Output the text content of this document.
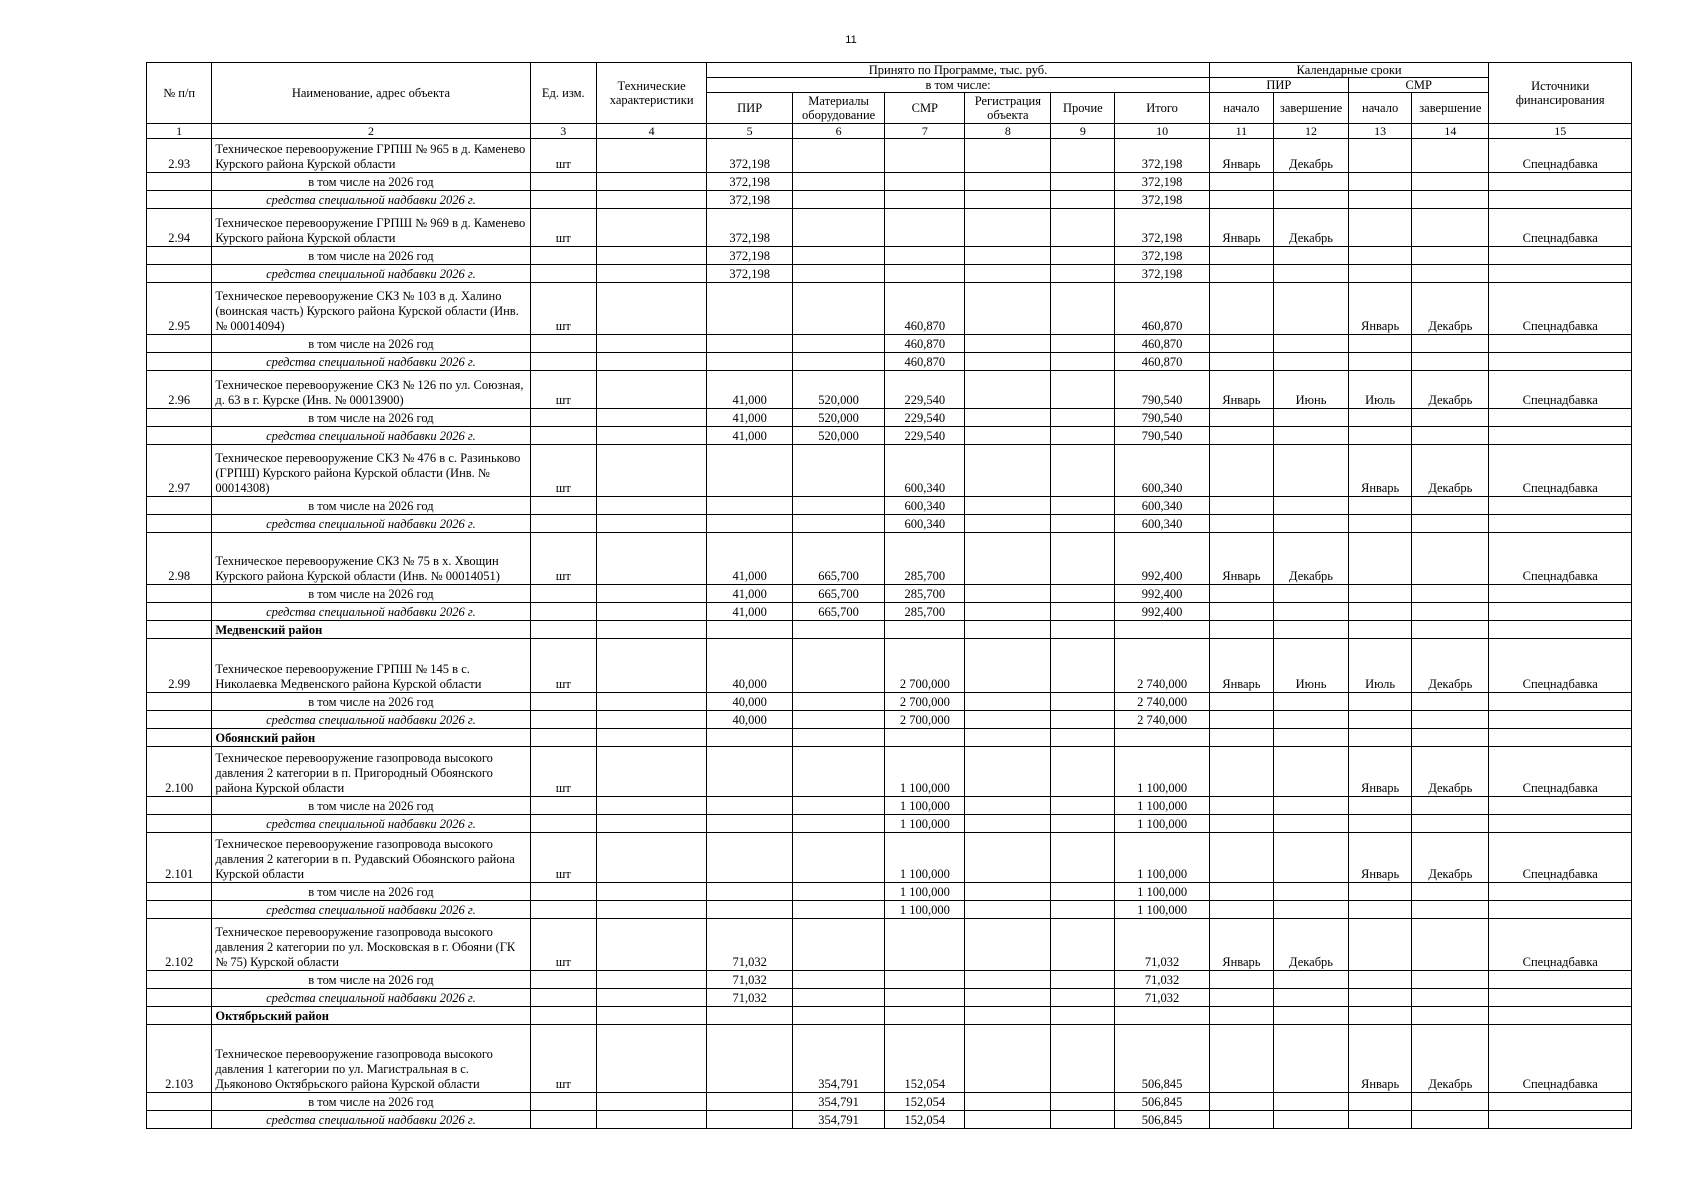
11
№ п/п	Наименование, адрес объекта	Ед. изм.	Технические характеристики	Принято по Программе, тыс. руб.						Календарные сроки				Источники финансирования
				в том числе:						ПИР		СМР		
				ПИР	Материалы оборудование	СМР	Регистрация объекта	Прочие	Итого	начало	завершение	начало	завершение	
1	2	3	4	5	6	7	8	9	10	11	12	13	14	15
2.93	Техническое перевооружение ГРПШ № 965 в д. Каменево Курского района Курской области	шт		372,198					372,198	Январь	Декабрь			Спецнадбавка
	в том числе на 2026 год			372,198					372,198					
	средства специальной надбавки 2026 г.			372,198					372,198					
2.94	Техническое перевооружение ГРПШ № 969 в д. Каменево Курского района Курской области	шт		372,198					372,198	Январь	Декабрь			Спецнадбавка
	в том числе на 2026 год			372,198					372,198					
	средства специальной надбавки 2026 г.			372,198					372,198					
2.95	Техническое перевооружение СКЗ № 103 в д. Халино (воинская часть) Курского района Курской области (Инв. № 00014094)	шт				460,870			460,870			Январь	Декабрь	Спецнадбавка
	в том числе на 2026 год					460,870			460,870					
	средства специальной надбавки 2026 г.					460,870			460,870					
2.96	Техническое перевооружение СКЗ № 126 по ул. Союзная, д. 63 в г. Курске (Инв. № 00013900)	шт		41,000	520,000	229,540			790,540	Январь	Июнь	Июль	Декабрь	Спецнадбавка
	в том числе на 2026 год			41,000	520,000	229,540			790,540					
	средства специальной надбавки 2026 г.			41,000	520,000	229,540			790,540					
2.97	Техническое перевооружение СКЗ № 476 в с. Разиньково (ГРПШ) Курского района Курской области (Инв. № 00014308)	шт				600,340			600,340			Январь	Декабрь	Спецнадбавка
	в том числе на 2026 год					600,340			600,340					
	средства специальной надбавки 2026 г.					600,340			600,340					
2.98	Техническое перевооружение СКЗ № 75 в х. Хвощин Курского района Курской области (Инв. № 00014051)	шт		41,000	665,700	285,700			992,400	Январь	Декабрь			Спецнадбавка
	в том числе на 2026 год			41,000	665,700	285,700			992,400					
	средства специальной надбавки 2026 г.			41,000	665,700	285,700			992,400					
	Медвенский район													
2.99	Техническое перевооружение ГРПШ № 145 в с. Николаевка Медвенского района Курской области	шт		40,000		2 700,000			2 740,000	Январь	Июнь	Июль	Декабрь	Спецнадбавка
	в том числе на 2026 год			40,000		2 700,000			2 740,000					
	средства специальной надбавки 2026 г.			40,000		2 700,000			2 740,000					
	Обоянский район													
2.100	Техническое перевооружение газопровода высокого давления 2 категории в п. Пригородный Обоянского района Курской области	шт				1 100,000			1 100,000			Январь	Декабрь	Спецнадбавка
	в том числе на 2026 год					1 100,000			1 100,000					
	средства специальной надбавки 2026 г.					1 100,000			1 100,000					
2.101	Техническое перевооружение газопровода высокого давления 2 категории в п. Рудавский Обоянского района Курской области	шт				1 100,000			1 100,000			Январь	Декабрь	Спецнадбавка
	в том числе на 2026 год					1 100,000			1 100,000					
	средства специальной надбавки 2026 г.					1 100,000			1 100,000					
2.102	Техническое перевооружение газопровода высокого давления 2 категории по ул. Московская в г. Обояни (ГК № 75) Курской области	шт		71,032					71,032	Январь	Декабрь			Спецнадбавка
	в том числе на 2026 год			71,032					71,032					
	средства специальной надбавки 2026 г.			71,032					71,032					
	Октябрьский район													
2.103	Техническое перевооружение газопровода высокого давления 1 категории по ул. Магистральная в с. Дьяконово Октябрьского района Курской области	шт			354,791	152,054			506,845			Январь	Декабрь	Спецнадбавка
	в том числе на 2026 год				354,791	152,054			506,845					
	средства специальной надбавки 2026 г.				354,791	152,054			506,845					
